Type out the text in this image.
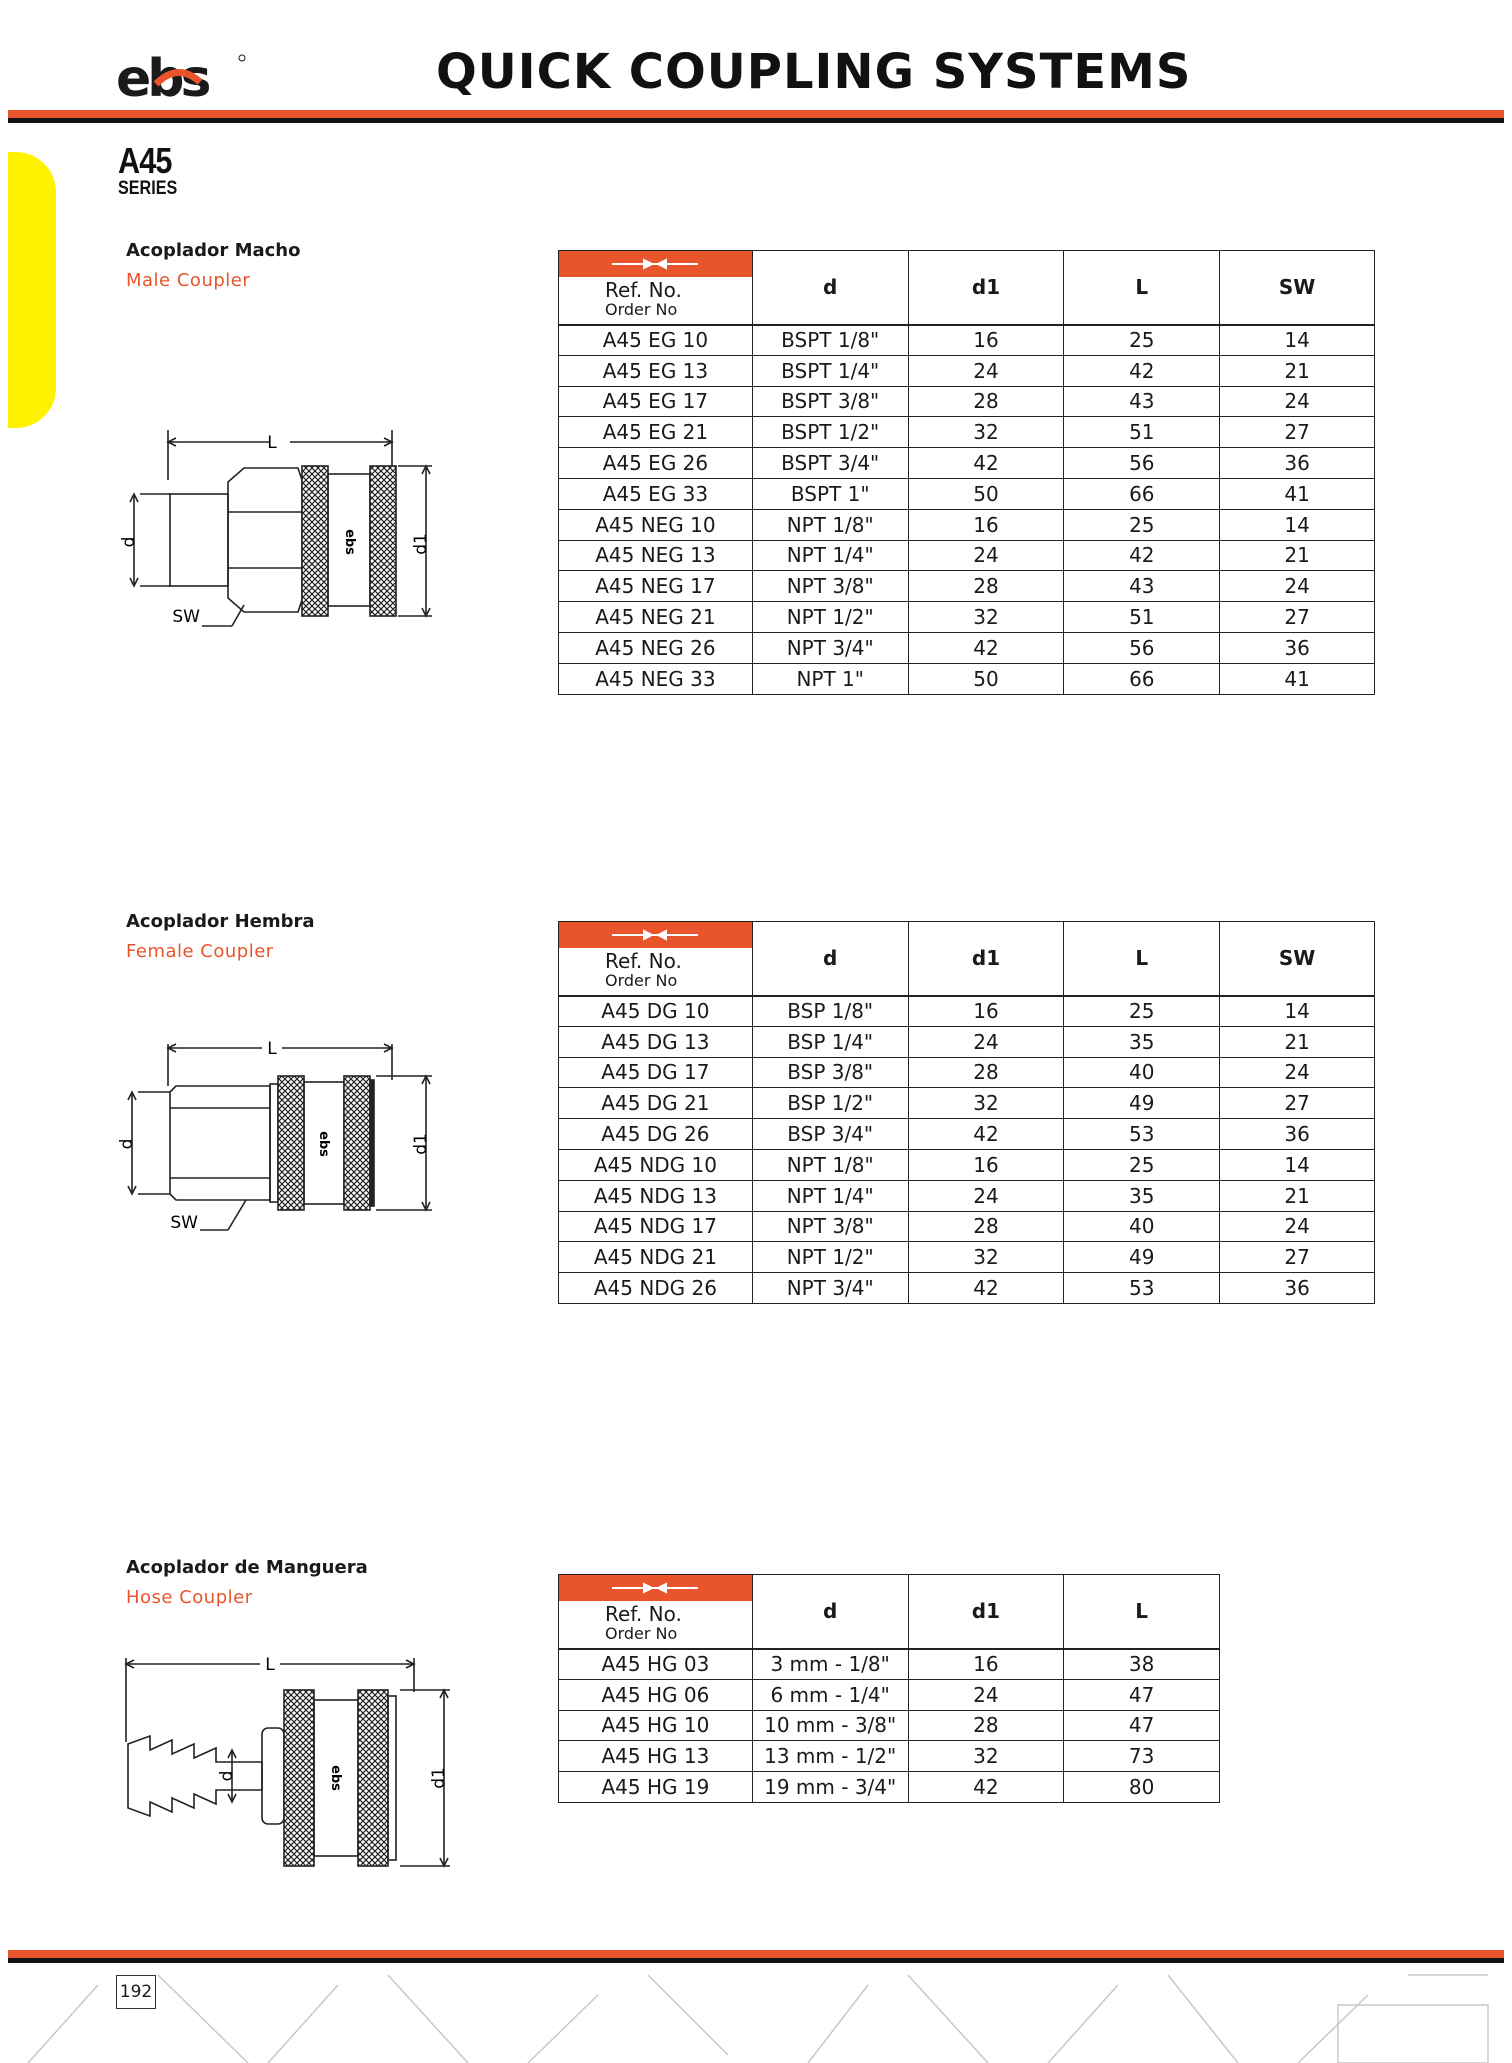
ebs	QUICK COUPLING SYSTEMS
A45
SERIES
Acoplador Macho
Male Coupler
L
d	d1
SW
ebs
Ref. No.
Order No	d	d1	L	SW
A45 EG 10	BSPT 1/8"	16	25	14
A45 EG 13	BSPT 1/4"	24	42	21
A45 EG 17	BSPT 3/8"	28	43	24
A45 EG 21	BSPT 1/2"	32	51	27
A45 EG 26	BSPT 3/4"	42	56	36
A45 EG 33	BSPT 1"	50	66	41
A45 NEG 10	NPT 1/8"	16	25	14
A45 NEG 13	NPT 1/4"	24	42	21
A45 NEG 17	NPT 3/8"	28	43	24
A45 NEG 21	NPT 1/2"	32	51	27
A45 NEG 26	NPT 3/4"	42	56	36
A45 NEG 33	NPT 1"	50	66	41
Acoplador Hembra
Female Coupler
L
d	d1
SW
ebs
Ref. No.
Order No	d	d1	L	SW
A45 DG 10	BSP 1/8"	16	25	14
A45 DG 13	BSP 1/4"	24	35	21
A45 DG 17	BSP 3/8"	28	40	24
A45 DG 21	BSP 1/2"	32	49	27
A45 DG 26	BSP 3/4"	42	53	36
A45 NDG 10	NPT 1/8"	16	25	14
A45 NDG 13	NPT 1/4"	24	35	21
A45 NDG 17	NPT 3/8"	28	40	24
A45 NDG 21	NPT 1/2"	32	49	27
A45 NDG 26	NPT 3/4"	42	53	36
Acoplador de Manguera
Hose Coupler
L
d	d1
ebs
Ref. No.
Order No	d	d1	L
A45 HG 03	3 mm - 1/8"	16	38
A45 HG 06	6 mm - 1/4"	24	47
A45 HG 10	10 mm - 3/8"	28	47
A45 HG 13	13 mm - 1/2"	32	73
A45 HG 19	19 mm - 3/4"	42	80
192
